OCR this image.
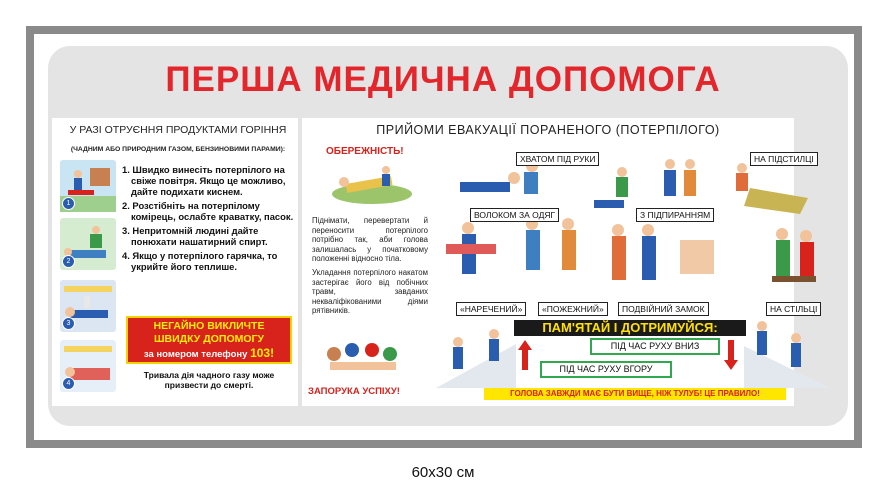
ПЕРША МЕДИЧНА ДОПОМОГА
У РАЗІ ОТРУЄННЯ ПРОДУКТАМИ ГОРІННЯ
(ЧАДНИМ АБО ПРИРОДНИМ ГАЗОМ, БЕНЗИНОВИМИ ПАРАМИ):
1
2
3
4
1. Швидко винесіть потерпілого на свіже повітря. Якщо це можливо, дайте подихати киснем.
2. Розстібніть на потерпілому комірець, ослабте краватку, пасок.
3. Непритомній людині дайте понюхати нашатирний спирт.
4. Якщо у потерпілого гарячка, то укрийте його теплише.
НЕГАЙНО ВИКЛИЧТЕ
ШВИДКУ ДОПОМОГУ
за номером телефону 103!
Тривала дія чадного газу може призвести до смерті.
ПРИЙОМИ ЕВАКУАЦІЇ ПОРАНЕНОГО (ПОТЕРПІЛОГО)
ОБЕРЕЖНІСТЬ!

Піднімати, перевертати й переносити потерпілого потрібно так, аби голова залишалась у початковому положенні відносно тіла.

Укладання потерпілого накатом застерігає його від побічних травм, завданих некваліфікованими діями рятівників.

ЗАПОРУКА УСПІХУ!
ХВАТОМ ПІД РУКИ	НА ПІДСТИЛЦІ
ВОЛОКОМ ЗА ОДЯГ	З ПІДПИРАННЯМ
«НАРЕЧЕНИЙ»	«ПОЖЕЖНИЙ»	ПОДВІЙНИЙ ЗАМОК	НА СТІЛЬЦІ
ПАМ'ЯТАЙ І ДОТРИМУЙСЯ:
ПІД ЧАС РУХУ ВНИЗ
ПІД ЧАС РУХУ ВГОРУ
ГОЛОВА ЗАВЖДИ МАЄ БУТИ ВИЩЕ, НІЖ ТУЛУБ! ЦЕ ПРАВИЛО!
60x30 см
